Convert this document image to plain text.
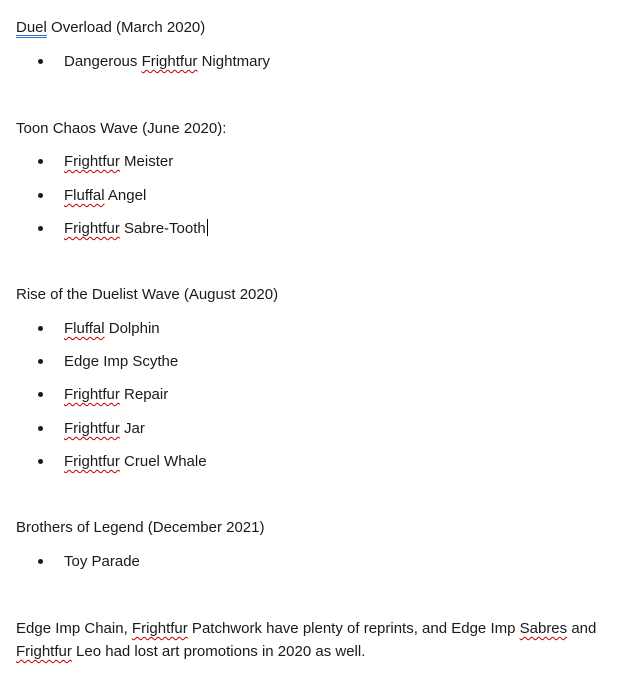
Duel Overload (March 2020)
Dangerous Frightfur Nightmary
Toon Chaos Wave (June 2020):
Frightfur Meister
Fluffal Angel
Frightfur Sabre-Tooth
Rise of the Duelist Wave (August 2020)
Fluffal Dolphin
Edge Imp Scythe
Frightfur Repair
Frightfur Jar
Frightfur Cruel Whale
Brothers of Legend (December 2021)
Toy Parade
Edge Imp Chain, Frightfur Patchwork have plenty of reprints, and Edge Imp Sabres and Frightfur Leo had lost art promotions in 2020 as well.
